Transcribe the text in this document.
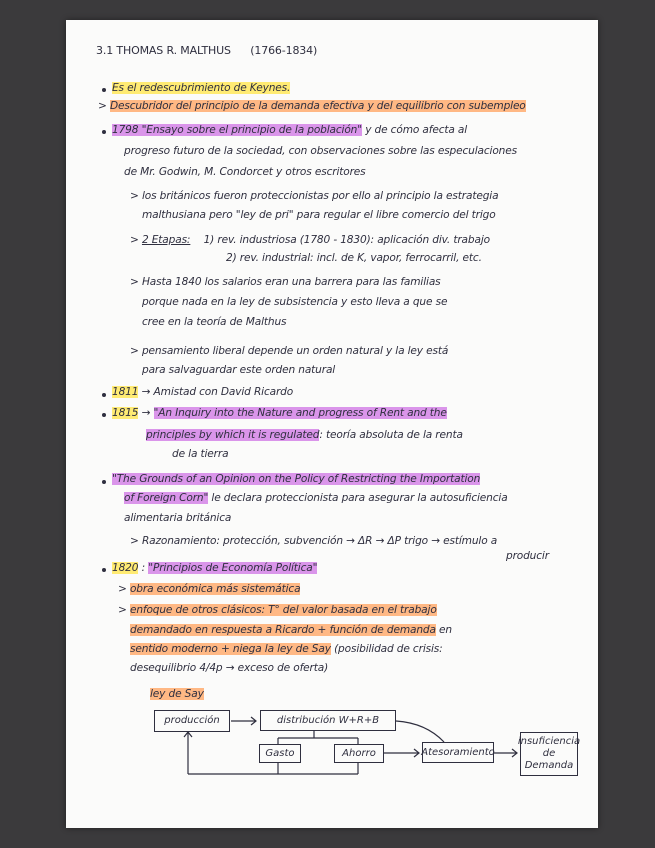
3.1 THOMAS R. MALTHUS (1766-1834)
Es el redescubrimiento de Keynes.
> Descubridor del principio de la demanda efectiva y del equilibrio con subempleo
1798 "Ensayo sobre el principio de la población" y de cómo afecta al
progreso futuro de la sociedad, con observaciones sobre las especulaciones
de Mr. Godwin, M. Condorcet y otros escritores
> los británicos fueron proteccionistas por ello al principio la estrategia
malthusiana pero "ley de pri" para regular el libre comercio del trigo
> 2 Etapas: 1) rev. industriosa (1780 - 1830): aplicación div. trabajo
2) rev. industrial: incl. de K, vapor, ferrocarril, etc.
> Hasta 1840 los salarios eran una barrera para las familias
porque nada en la ley de subsistencia y esto lleva a que se
cree en la teoría de Malthus
> pensamiento liberal depende un orden natural y la ley está
para salvaguardar este orden natural
1811 → Amistad con David Ricardo
1815 → "An Inquiry into the Nature and progress of Rent and the
principles by which it is regulated: teoría absoluta de la renta
de la tierra
"The Grounds of an Opinion on the Policy of Restricting the Importation
of Foreign Corn" le declara proteccionista para asegurar la autosuficiencia
alimentaria británica
> Razonamiento: protección, subvención → ΔR → ΔP trigo → estímulo a
producir
1820 : "Principios de Economía Política"
> obra económica más sistemática
> enfoque de otros clásicos: T° del valor basada en el trabajo
demandado en respuesta a Ricardo + función de demanda en
sentido moderno + niega la ley de Say (posibilidad de crisis:
desequilibrio 4/4p → exceso de oferta)
ley de Say
producción	distribución W+R+B
Gasto	Ahorro	Atesoramiento
insuficiencia
de
Demanda
